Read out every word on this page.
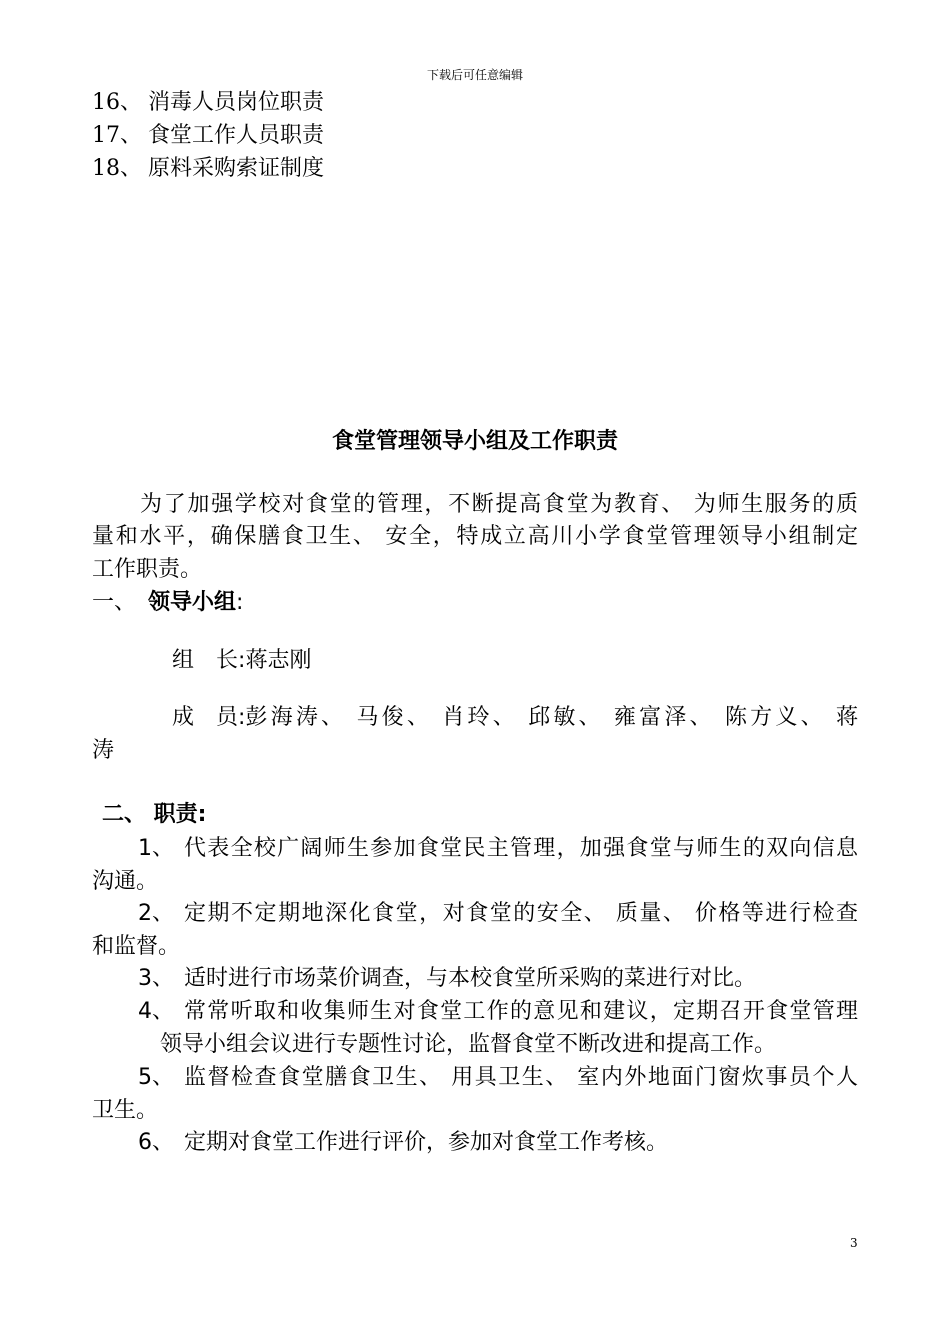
下载后可任意编辑
16、 消毒人员岗位职责
17、 食堂工作人员职责
18、 原料采购索证制度
食堂管理领导小组及工作职责
为了加强学校对食堂的管理，不断提高食堂为教育、 为师生服务的质
量和水平，确保膳食卫生、 安全，特成立高川小学食堂管理领导小组制定
工作职责。
一、 领导小组:
组　长:蒋志刚
成　员 : 彭海涛、 马俊、 肖玲、 邱敏、 雍富泽、 陈方义、 蒋
涛
二、 职责:
1、 代表全校广阔师生参加食堂民主管理，加强食堂与师生的双向信息
沟通。
2、 定期不定期地深化食堂，对食堂的安全、 质量、 价格等进行检查
和监督。
3、 适时进行市场菜价调查，与本校食堂所采购的菜进行对比。
4、 常常听取和收集师生对食堂工作的意见和建议，定期召开食堂管理
领导小组会议进行专题性讨论，监督食堂不断改进和提高工作。
5、 监督检查食堂膳食卫生、 用具卫生、 室内外地面门窗炊事员个人
卫生。
6、 定期对食堂工作进行评价，参加对食堂工作考核。
3
